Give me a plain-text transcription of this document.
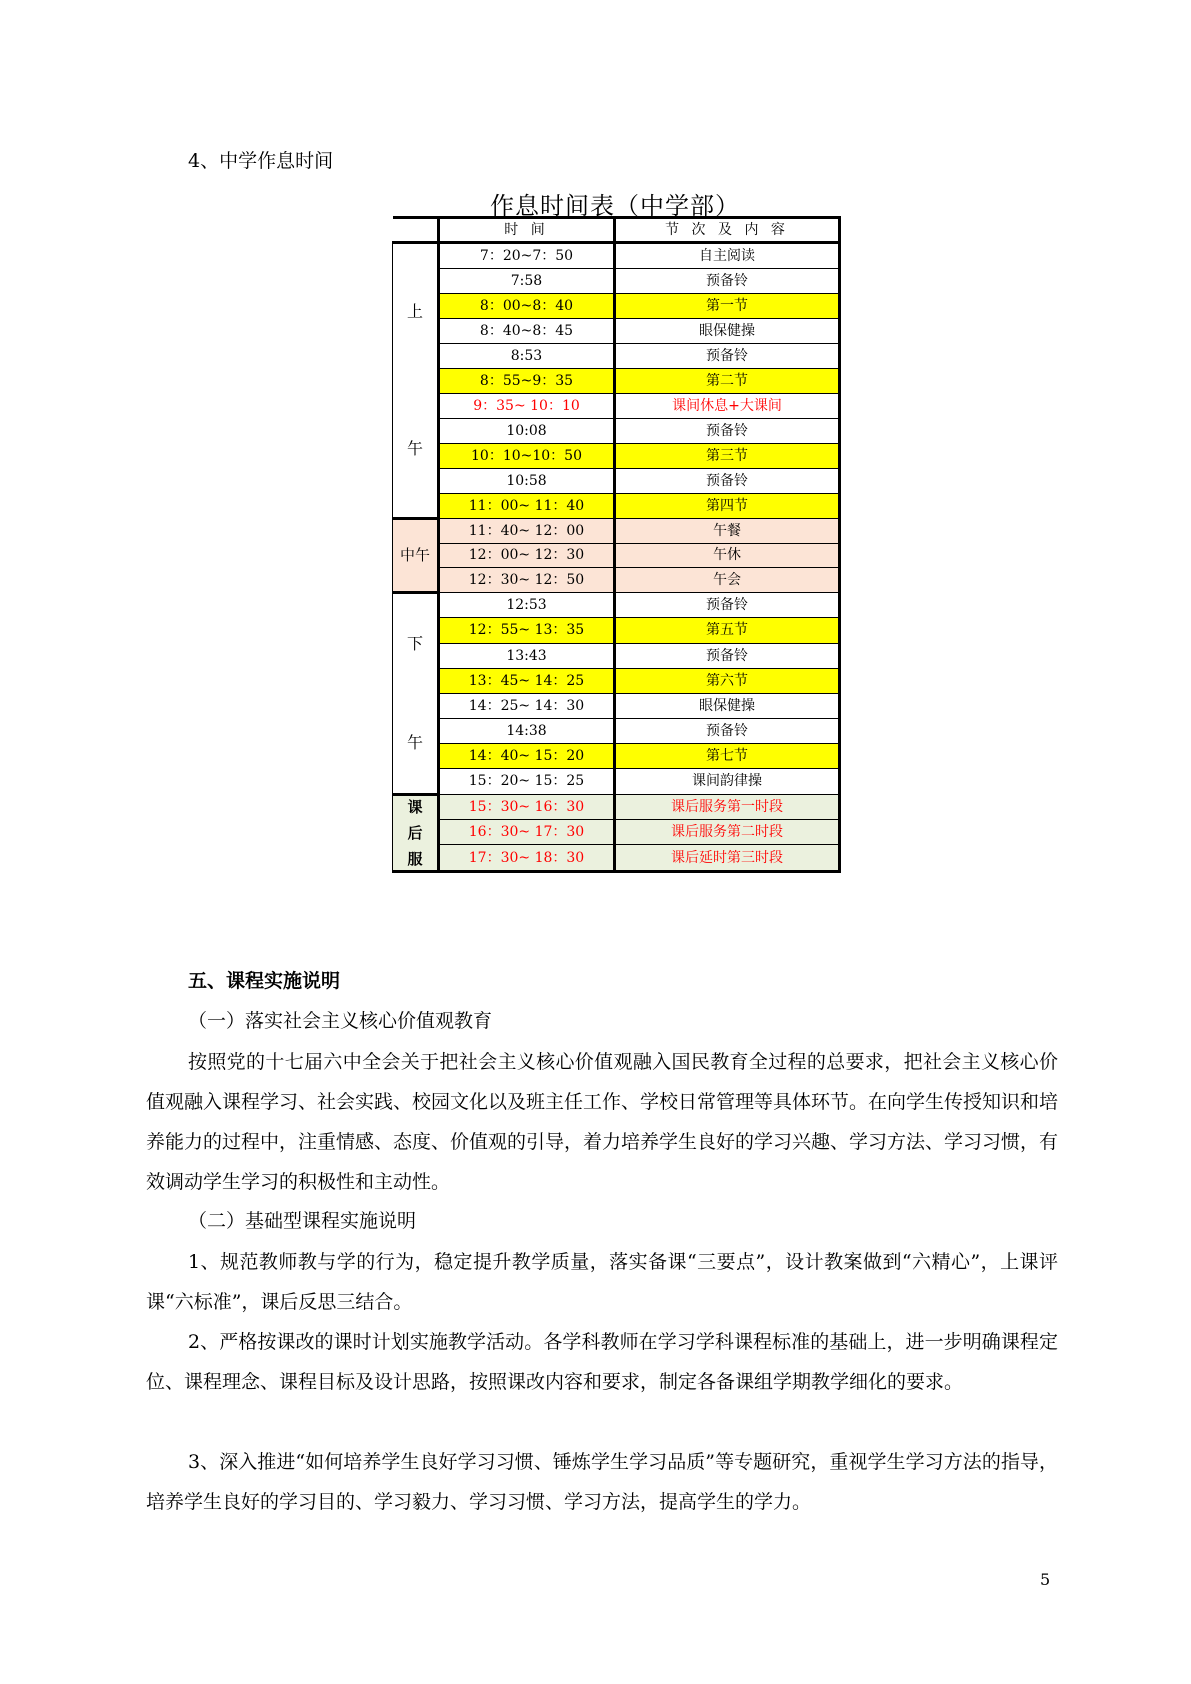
4、中学作息时间
作息时间表（中学部）
	时 间	节 次 及 内 容

上
午	7：20~7：50	自主阅读
	7:58	预备铃
	8：00~8：40	第一节
	8：40~8：45	眼保健操
	8:53	预备铃
	8：55~9：35	第二节
	9：35~ 10：10	课间休息+大课间
	10:08	预备铃
	10：10~10：50	第三节
	10:58	预备铃
	11：00~ 11：40	第四节
中午	11：40~ 12：00	午餐
	12：00~ 12：30	午休
	12：30~ 12：50	午会

下
午	12:53	预备铃
	12：55~ 13：35	第五节
	13:43	预备铃
	13：45~ 14：25	第六节
	14：25~ 14：30	眼保健操
	14:38	预备铃
	14：40~ 15：20	第七节
	15：20~ 15：25	课间韵律操

课
后
服	15：30~ 16：30	课后服务第一时段
	16：30~ 17：30	课后服务第二时段
	17：30~ 18：30	课后延时第三时段
五、课程实施说明
（一）落实社会主义核心价值观教育
按照党的十七届六中全会关于把社会主义核心价值观融入国民教育全过程的总要求，把社会主义核心价值观融入课程学习、社会实践、校园文化以及班主任工作、学校日常管理等具体环节。在向学生传授知识和培养能力的过程中，注重情感、态度、价值观的引导，着力培养学生良好的学习兴趣、学习方法、学习习惯，有效调动学生学习的积极性和主动性。
（二）基础型课程实施说明
1、规范教师教与学的行为，稳定提升教学质量，落实备课“三要点”，设计教案做到“六精心”，上课评课“六标准”，课后反思三结合。
2、严格按课改的课时计划实施教学活动。各学科教师在学习学科课程标准的基础上，进一步明确课程定位、课程理念、课程目标及设计思路，按照课改内容和要求，制定各备课组学期教学细化的要求。
3、深入推进“如何培养学生良好学习习惯、锤炼学生学习品质”等专题研究，重视学生学习方法的指导，培养学生良好的学习目的、学习毅力、学习习惯、学习方法，提高学生的学力。
5
